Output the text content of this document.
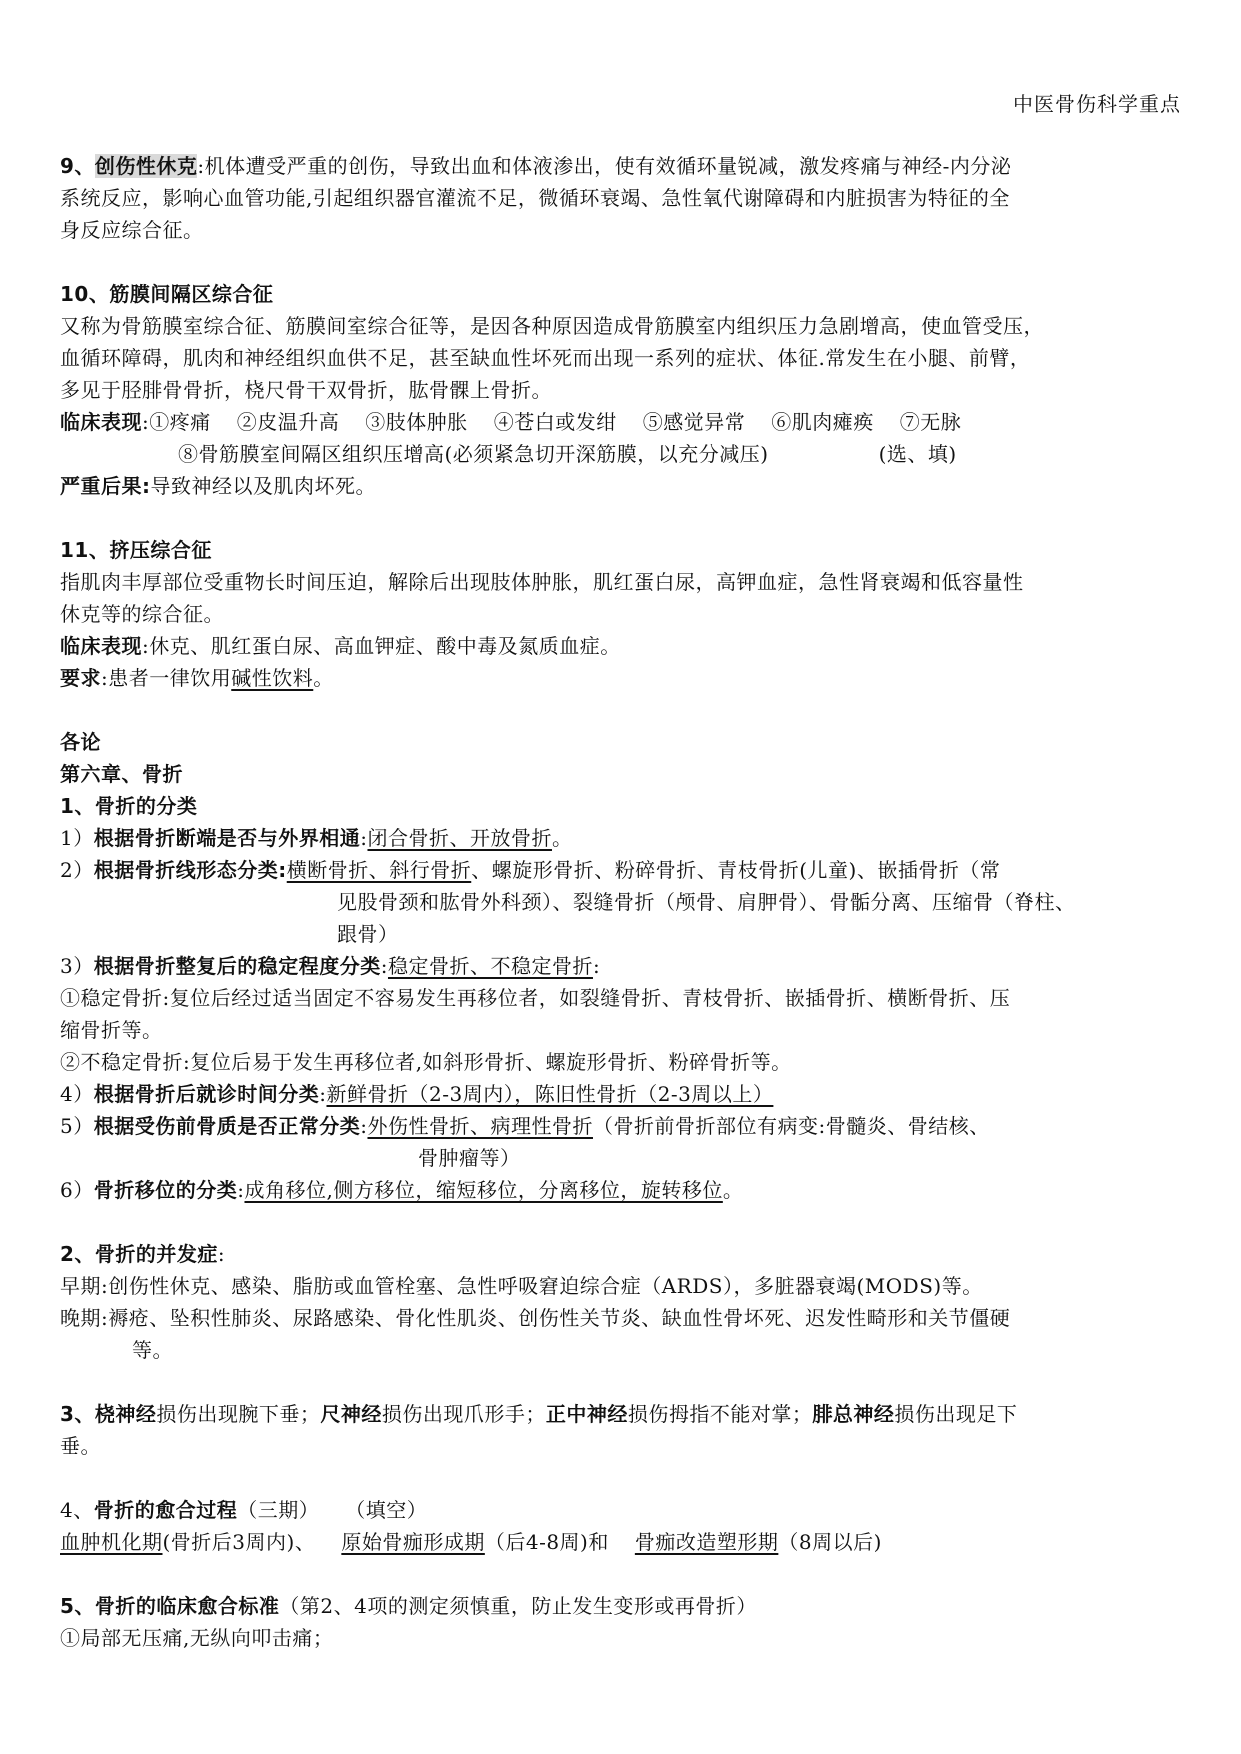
中医骨伤科学重点
9、创伤性休克:机体遭受严重的创伤，导致出血和体液渗出，使有效循环量锐减，激发疼痛与神经-内分泌
系统反应，影响心血管功能,引起组织器官灌流不足，微循环衰竭、急性氧代谢障碍和内脏损害为特征的全
身反应综合征。
10、筋膜间隔区综合征
又称为骨筋膜室综合征、筋膜间室综合征等，是因各种原因造成骨筋膜室内组织压力急剧增高，使血管受压，
血循环障碍，肌肉和神经组织血供不足，甚至缺血性坏死而出现一系列的症状、体征.常发生在小腿、前臂，
多见于胫腓骨骨折，桡尺骨干双骨折，肱骨髁上骨折。
临床表现:①疼痛 ②皮温升高 ③肢体肿胀 ④苍白或发绀 ⑤感觉异常 ⑥肌肉瘫痪 ⑦无脉
⑧骨筋膜室间隔区组织压增高(必须紧急切开深筋膜，以充分减压)	(选、填)
严重后果:导致神经以及肌肉坏死。
11、挤压综合征
指肌肉丰厚部位受重物长时间压迫，解除后出现肢体肿胀，肌红蛋白尿，高钾血症，急性肾衰竭和低容量性
休克等的综合征。
临床表现:休克、肌红蛋白尿、高血钾症、酸中毒及氮质血症。
要求:患者一律饮用碱性饮料。
各论
第六章、骨折
1、骨折的分类
1）根据骨折断端是否与外界相通:闭合骨折、开放骨折。
2）根据骨折线形态分类:横断骨折、斜行骨折、螺旋形骨折、粉碎骨折、青枝骨折(儿童)、嵌插骨折（常
见股骨颈和肱骨外科颈）、裂缝骨折（颅骨、肩胛骨）、骨骺分离、压缩骨（脊柱、
跟骨）
3）根据骨折整复后的稳定程度分类:稳定骨折、不稳定骨折:
①稳定骨折:复位后经过适当固定不容易发生再移位者，如裂缝骨折、青枝骨折、嵌插骨折、横断骨折、压
缩骨折等。
②不稳定骨折:复位后易于发生再移位者,如斜形骨折、螺旋形骨折、粉碎骨折等。
4）根据骨折后就诊时间分类:新鲜骨折（2-3周内），陈旧性骨折（2-3周以上）
5）根据受伤前骨质是否正常分类:外伤性骨折、病理性骨折（骨折前骨折部位有病变:骨髓炎、骨结核、
骨肿瘤等）
6）骨折移位的分类:成角移位,侧方移位，缩短移位，分离移位，旋转移位。
2、骨折的并发症:
早期:创伤性休克、感染、脂肪或血管栓塞、急性呼吸窘迫综合症（ARDS），多脏器衰竭(MODS)等。
晚期:褥疮、坠积性肺炎、尿路感染、骨化性肌炎、创伤性关节炎、缺血性骨坏死、迟发性畸形和关节僵硬
等。
3、桡神经损伤出现腕下垂；尺神经损伤出现爪形手；正中神经损伤拇指不能对掌；腓总神经损伤出现足下
垂。
4、骨折的愈合过程（三期） （填空）
血肿机化期(骨折后3周内)、 原始骨痂形成期（后4-8周)和 骨痂改造塑形期（8周以后)
5、骨折的临床愈合标准（第2、4项的测定须慎重，防止发生变形或再骨折）
①局部无压痛,无纵向叩击痛；
